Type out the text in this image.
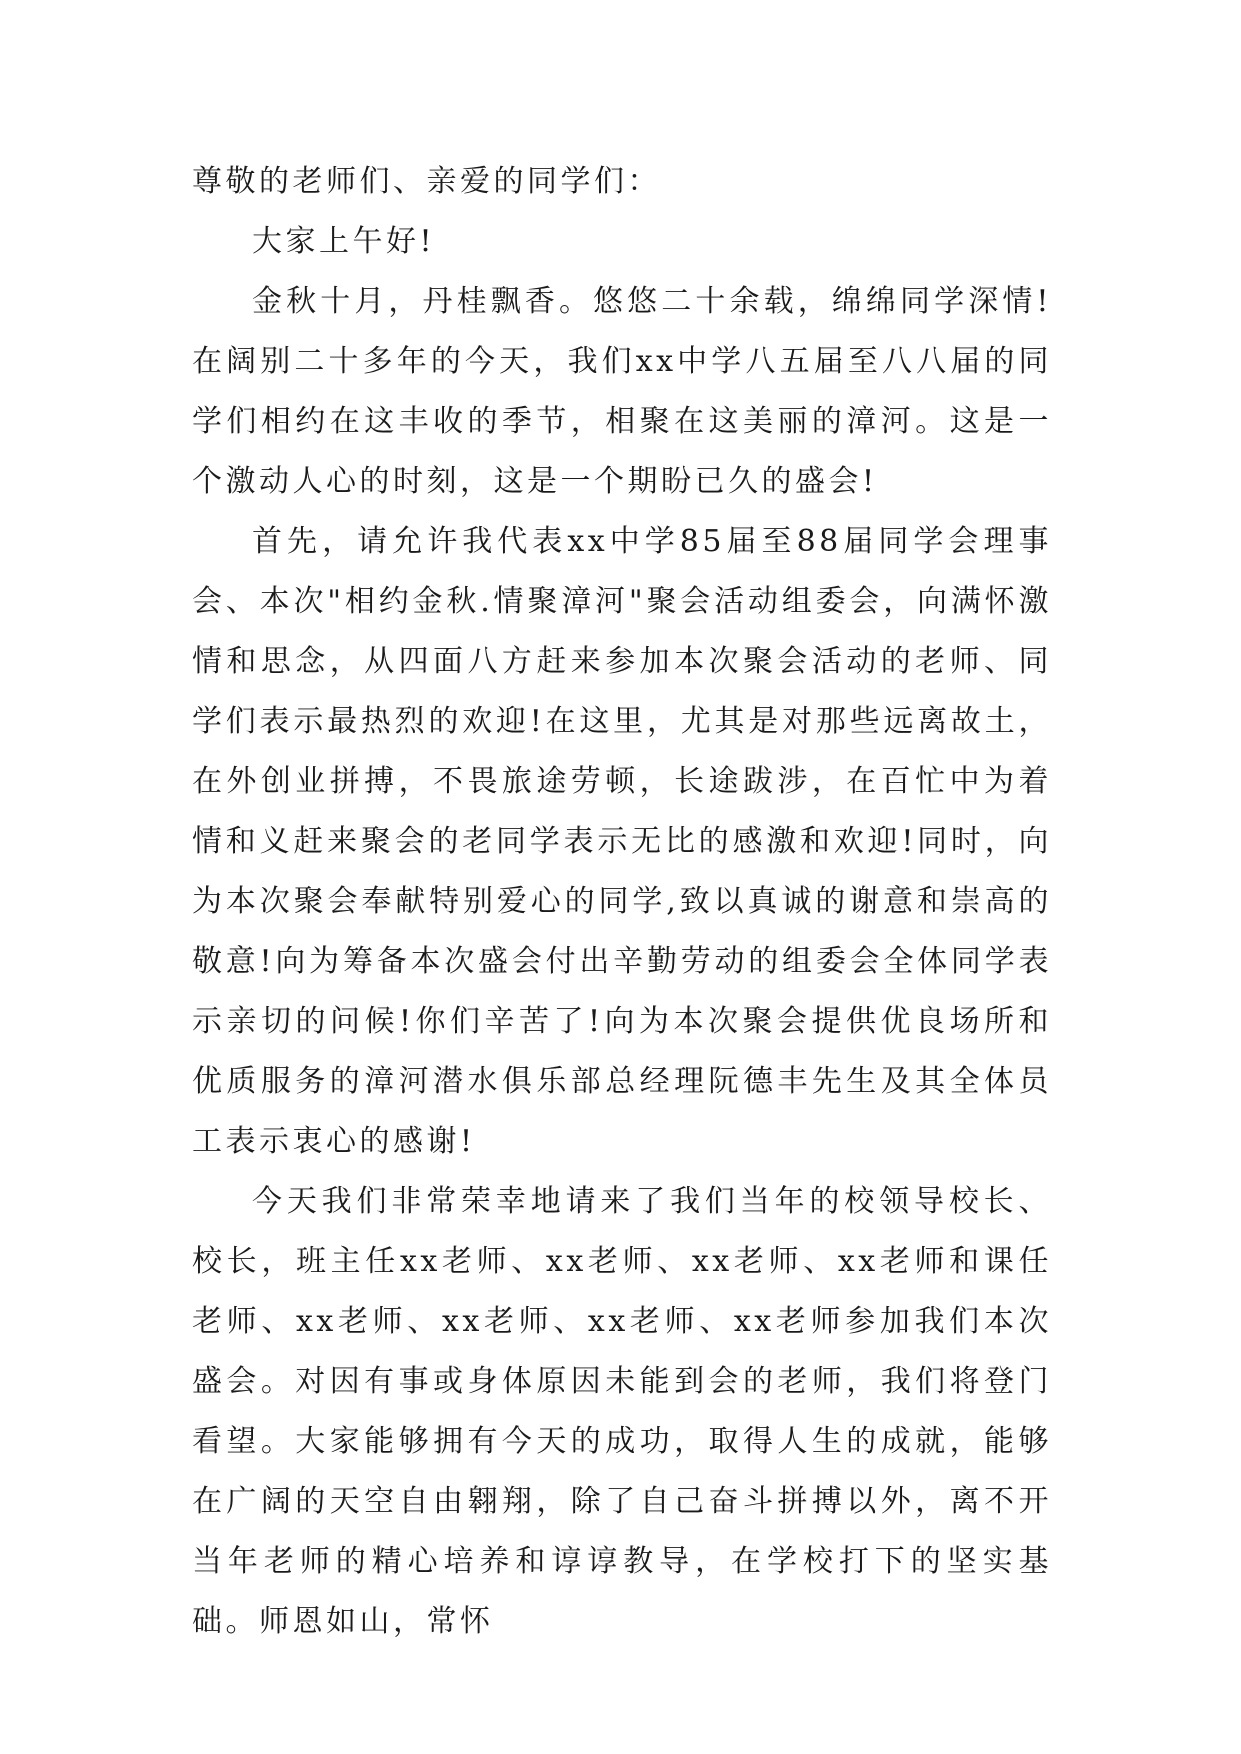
尊敬的老师们、亲爱的同学们：

大家上午好!

金秋十月，丹桂飘香。悠悠二十余载，绵绵同学深情!在阔别二十多年的今天，我们xx中学八五届至八八届的同学们相约在这丰收的季节，相聚在这美丽的漳河。这是一个激动人心的时刻，这是一个期盼已久的盛会!

首先，请允许我代表xx中学85届至88届同学会理事会、本次"相约金秋.情聚漳河"聚会活动组委会，向满怀激情和思念，从四面八方赶来参加本次聚会活动的老师、同学们表示最热烈的欢迎!在这里，尤其是对那些远离故土，在外创业拼搏，不畏旅途劳顿，长途跋涉，在百忙中为着情和义赶来聚会的老同学表示无比的感激和欢迎!同时，向为本次聚会奉献特别爱心的同学,致以真诚的谢意和崇高的敬意!向为筹备本次盛会付出辛勤劳动的组委会全体同学表示亲切的问候!你们辛苦了!向为本次聚会提供优良场所和优质服务的漳河潜水俱乐部总经理阮德丰先生及其全体员工表示衷心的感谢!

今天我们非常荣幸地请来了我们当年的校领导校长、校长，班主任xx老师、xx老师、xx老师、xx老师和课任老师、xx老师、xx老师、xx老师、xx老师参加我们本次盛会。对因有事或身体原因未能到会的老师，我们将登门看望。大家能够拥有今天的成功，取得人生的成就，能够在广阔的天空自由翱翔，除了自己奋斗拼搏以外，离不开当年老师的精心培养和谆谆教导，在学校打下的坚实基础。师恩如山，常怀
